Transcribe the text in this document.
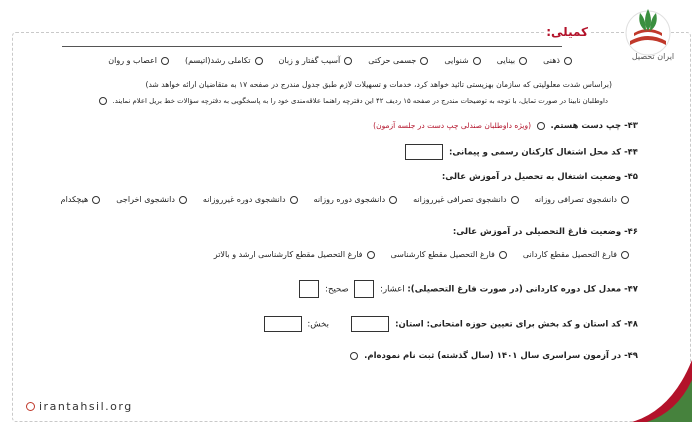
کمیلی:
ایران تحصیل
ذهنی
بینایی
شنوایی
جسمی حرکتی
آسیب گفتار و زبان
تکاملی رشد(اتیسم)
اعصاب و روان
(براساس شدت معلولیتی که سازمان بهزیستی تائید خواهد کرد، خدمات و تسهیلات لازم طبق جدول مندرج در صفحه ۱۷ به متقاضیان ارائه خواهد شد)
داوطلبان نابینا در صورت تمایل، با توجه به توضیحات مندرج در صفحه ۱۵ ردیف ۴۲ این دفترچه راهنما علاقه‌مندی خود را به پاسخگویی به دفترچه سؤالات خط بریل اعلام نمایند.
۴۳- چپ دست هستم.  (ویژه داوطلبان صندلی چپ دست در جلسه آزمون)
۴۴- کد محل اشتغال کارکنان رسمی و پیمانی:
۴۵- وضعیت اشتغال به تحصیل در آموزش عالی:
دانشجوی تصرافی روزانه
دانشجوی تصرافی غیرروزانه
دانشجوی دوره روزانه
دانشجوی دوره غیرروزانه
دانشجوی اخراجی
هیچکدام
۴۶- وضعیت فارغ التحصیلی در آموزش عالی:
فارغ التحصیل مقطع کاردانی
فارغ التحصیل مقطع کارشناسی
فارغ التحصیل مقطع کارشناسی ارشد و بالاتر
۴۷- معدل کل دوره کاردانی (در صورت فارغ التحصیلی): اعشار:  صحیح:
۴۸- کد استان و کد بخش برای تعیین حوزه امتحانی: استان:   بخش:
۴۹- در آزمون سراسری سال ۱۴۰۱ (سال گذشته) ثبت نام نموده‌ام.
irantahsil.org
